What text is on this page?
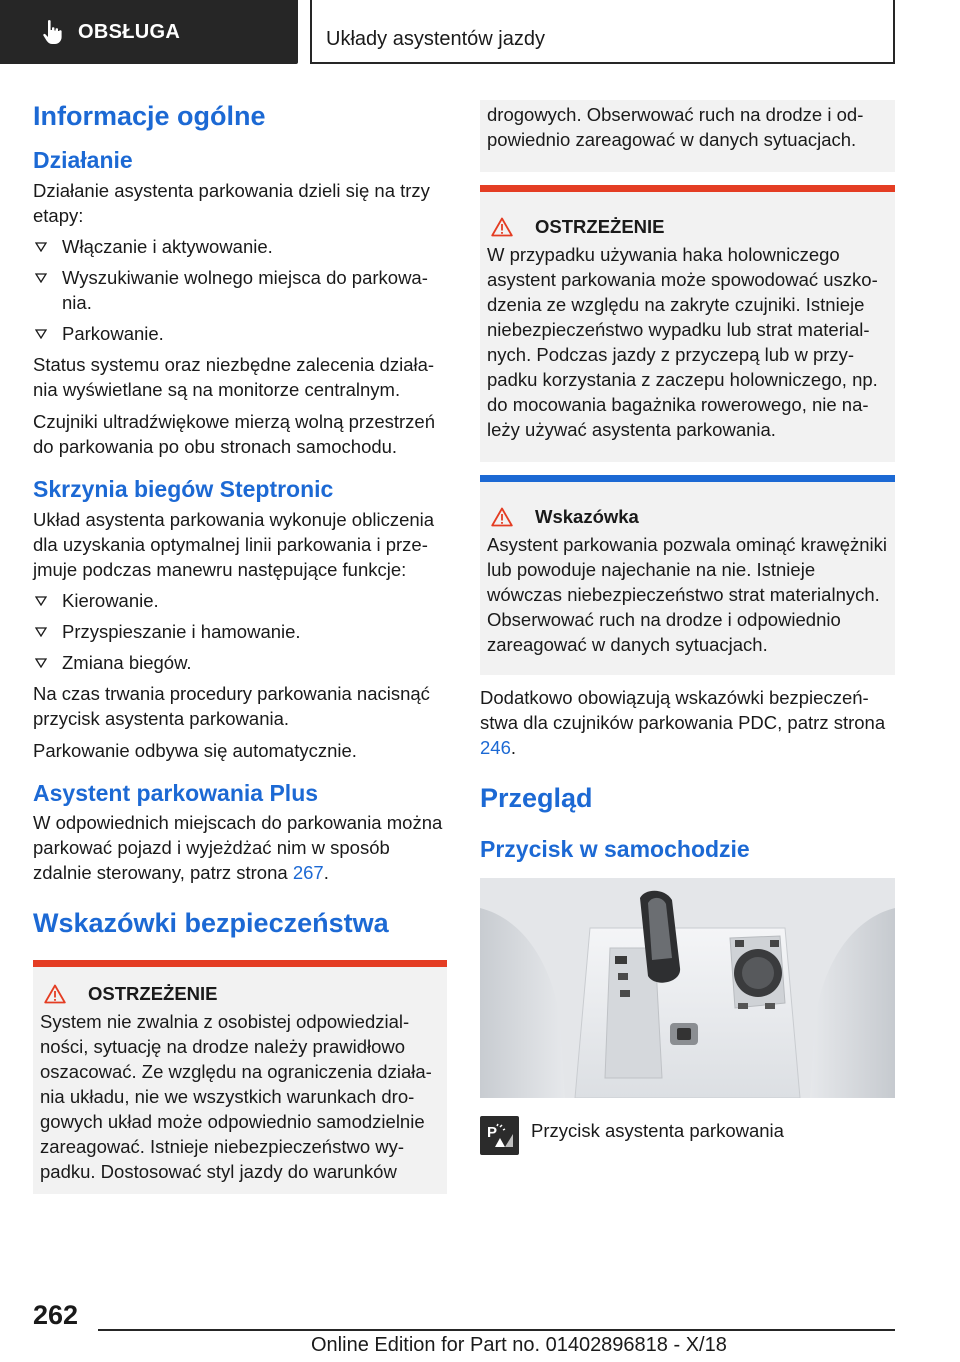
OBSŁUGA	Układy asystentów jazdy
Informacje ogólne
Działanie

Działanie asystenta parkowania dzieli się na trzy etapy:

Włączanie i aktywowanie.
Wyszukiwanie wolnego miejsca do parkowania.
Parkowanie.

Status systemu oraz niezbędne zalecenia działania wyświetlane są na monitorze centralnym.

Czujniki ultradźwiękowe mierzą wolną przestrzeń do parkowania po obu stronach samochodu.

Skrzynia biegów Steptronic

Układ asystenta parkowania wykonuje obliczenia dla uzyskania optymalnej linii parkowania i przejmuje podczas manewru następujące funkcje:

Kierowanie.
Przyspieszanie i hamowanie.
Zmiana biegów.

Na czas trwania procedury parkowania nacisnąć przycisk asystenta parkowania.

Parkowanie odbywa się automatycznie.

Asystent parkowania Plus

W odpowiednich miejscach do parkowania można parkować pojazd i wyjeżdżać nim w sposób zdalnie sterowany, patrz strona 267.

Wskazówki bezpieczeństwa
OSTRZEŻENIE

System nie zwalnia z osobistej odpowiedzialności, sytuację na drodze należy prawidłowo oszacować. Ze względu na ograniczenia działania układu, nie we wszystkich warunkach drogowych układ może odpowiednio samodzielnie zareagować. Istnieje niebezpieczeństwo wypadku. Dostosować styl jazdy do warunków

drogowych. Obserwować ruch na drodze i odpowiednio zareagować w danych sytuacjach.

OSTRZEŻENIE

W przypadku używania haka holowniczego asystent parkowania może spowodować uszkodzenia ze względu na zakryte czujniki. Istnieje niebezpieczeństwo wypadku lub strat materialnych. Podczas jazdy z przyczepą lub w przypadku korzystania z zaczepu holowniczego, np. do mocowania bagażnika rowerowego, nie należy używać asystenta parkowania.

Wskazówka

Asystent parkowania pozwala ominąć krawężniki lub powoduje najechanie na nie. Istnieje wówczas niebezpieczeństwo strat materialnych. Obserwować ruch na drodze i odpowiednio zareagować w danych sytuacjach.

Dodatkowo obowiązują wskazówki bezpieczeństwa dla czujników parkowania PDC, patrz strona 246.

Przegląd
Przycisk w samochodzie
P Przycisk asystenta parkowania

262
Online Edition for Part no. 01402896818 - X/18
